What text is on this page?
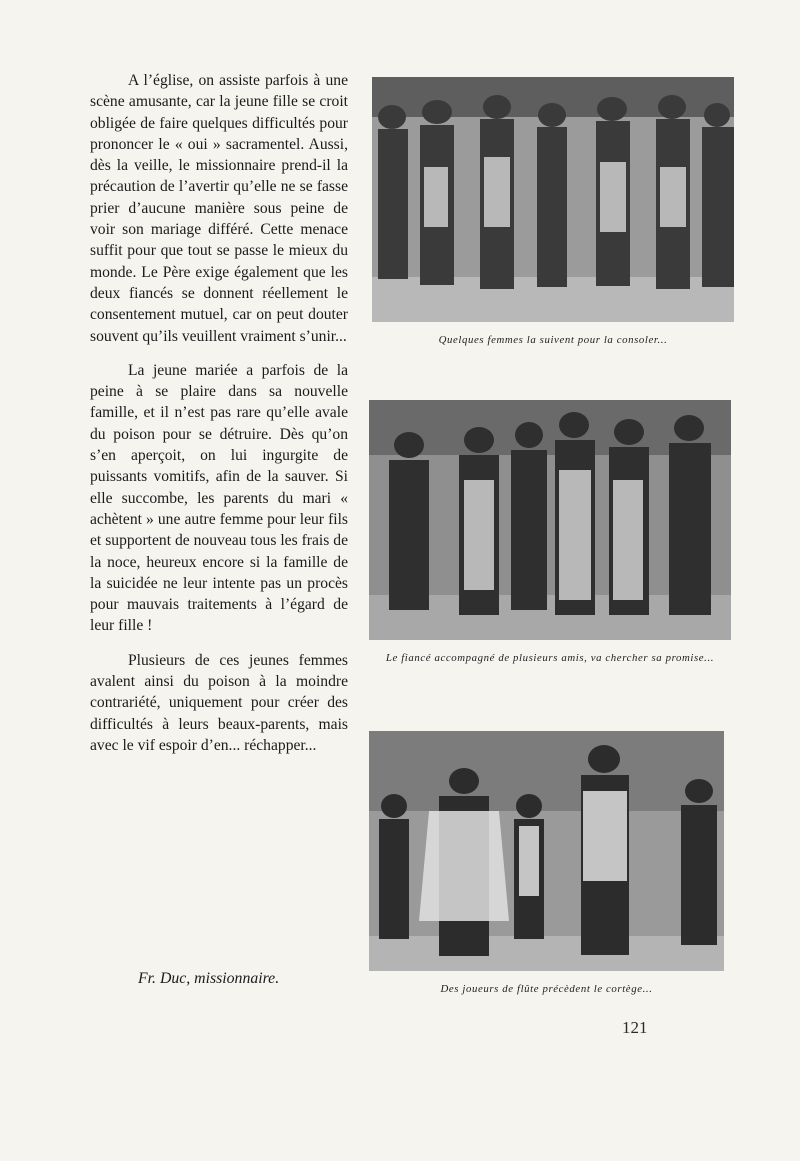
A l’église, on assiste parfois à une scène amusante, car la jeune fille se croit obligée de faire quelques difficultés pour prononcer le « oui » sacramentel. Aussi, dès la veille, le missionnaire prend-il la précaution de l’avertir qu’elle ne se fasse prier d’aucune manière sous peine de voir son mariage différé. Cette menace suffit pour que tout se passe le mieux du monde. Le Père exige également que les deux fiancés se donnent réellement le consentement mutuel, car on peut douter souvent qu’ils veuillent vraiment s’unir...

La jeune mariée a parfois de la peine à se plaire dans sa nouvelle famille, et il n’est pas rare qu’elle avale du poison pour se détruire. Dès qu’on s’en aperçoit, on lui ingurgite de puissants vomitifs, afin de la sauver. Si elle succombe, les parents du mari « achètent » une autre femme pour leur fils et supportent de nouveau tous les frais de la noce, heureux encore si la famille de la suicidée ne leur intente pas un procès pour mauvais traitements à l’égard de leur fille !

Plusieurs de ces jeunes femmes avalent ainsi du poison à la moindre contrariété, uniquement pour créer des difficultés à leurs beaux-parents, mais avec le vif espoir d’en... réchapper...

Fr. Duc, missionnaire.
Quelques femmes la suivent pour la consoler...
Le fiancé accompagné de plusieurs amis, va chercher sa promise...
Des joueurs de flûte précèdent le cortège...
121
